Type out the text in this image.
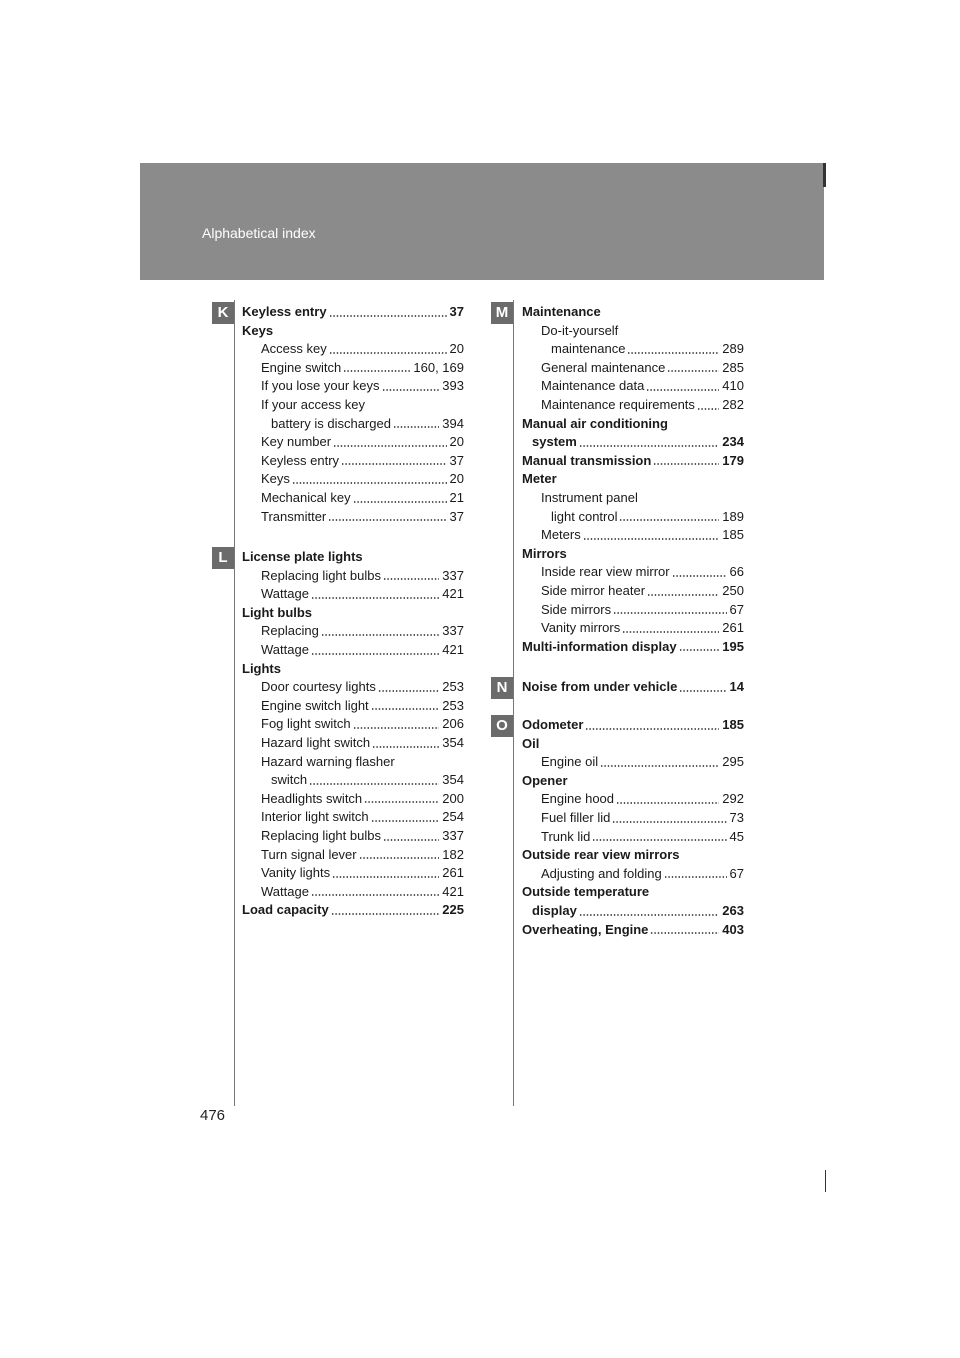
Alphabetical index
K
L
M
N
O
Keyless entry	37
Keys
Access key	20
Engine switch	160, 169
If you lose your keys	393
If your access key
battery is discharged	394
Key number	20
Keyless entry	37
Keys	20
Mechanical key	21
Transmitter	37
License plate lights
Replacing light bulbs	337
Wattage	421
Light bulbs
Replacing	337
Wattage	421
Lights
Door courtesy lights	253
Engine switch light	253
Fog light switch	206
Hazard light switch	354
Hazard warning flasher
switch	354
Headlights switch	200
Interior light switch	254
Replacing light bulbs	337
Turn signal lever	182
Vanity lights	261
Wattage	421
Load capacity	225
Maintenance
Do-it-yourself
maintenance	289
General maintenance	285
Maintenance data	410
Maintenance requirements 282
Manual air conditioning
system	234
Manual transmission	179
Meter
Instrument panel
light control	189
Meters	185
Mirrors
Inside rear view mirror	66
Side mirror heater	250
Side mirrors	67
Vanity mirrors	261
Multi-information display	195
Noise from under vehicle	14
Odometer	185
Oil
Engine oil	295
Opener
Engine hood	292
Fuel filler lid	73
Trunk lid	45
Outside rear view mirrors
Adjusting and folding	67
Outside temperature
display	263
Overheating, Engine	403
476
